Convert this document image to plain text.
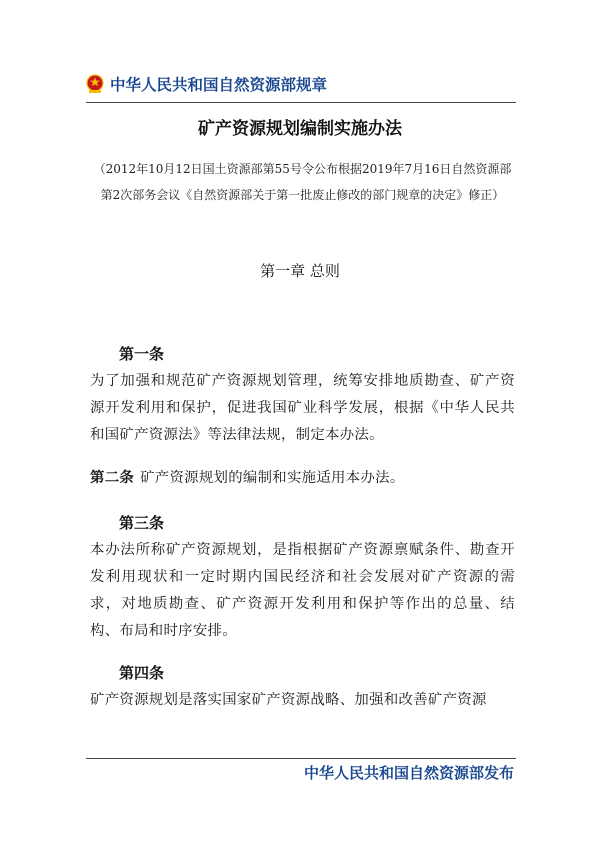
中华人民共和国自然资源部规章
矿产资源规划编制实施办法
（2012年10月12日国土资源部第55号令公布根据2019年7月16日自然资源部第2次部务会议《自然资源部关于第一批废止修改的部门规章的决定》修正）
第一章 总则
第一条
为了加强和规范矿产资源规划管理，统筹安排地质勘查、矿产资源开发利用和保护，促进我国矿业科学发展，根据《中华人民共和国矿产资源法》等法律法规，制定本办法。
第二条 矿产资源规划的编制和实施适用本办法。
第三条
本办法所称矿产资源规划，是指根据矿产资源禀赋条件、勘查开发利用现状和一定时期内国民经济和社会发展对矿产资源的需求，对地质勘查、矿产资源开发利用和保护等作出的总量、结构、布局和时序安排。
第四条
矿产资源规划是落实国家矿产资源战略、加强和改善矿产资源
中华人民共和国自然资源部发布
